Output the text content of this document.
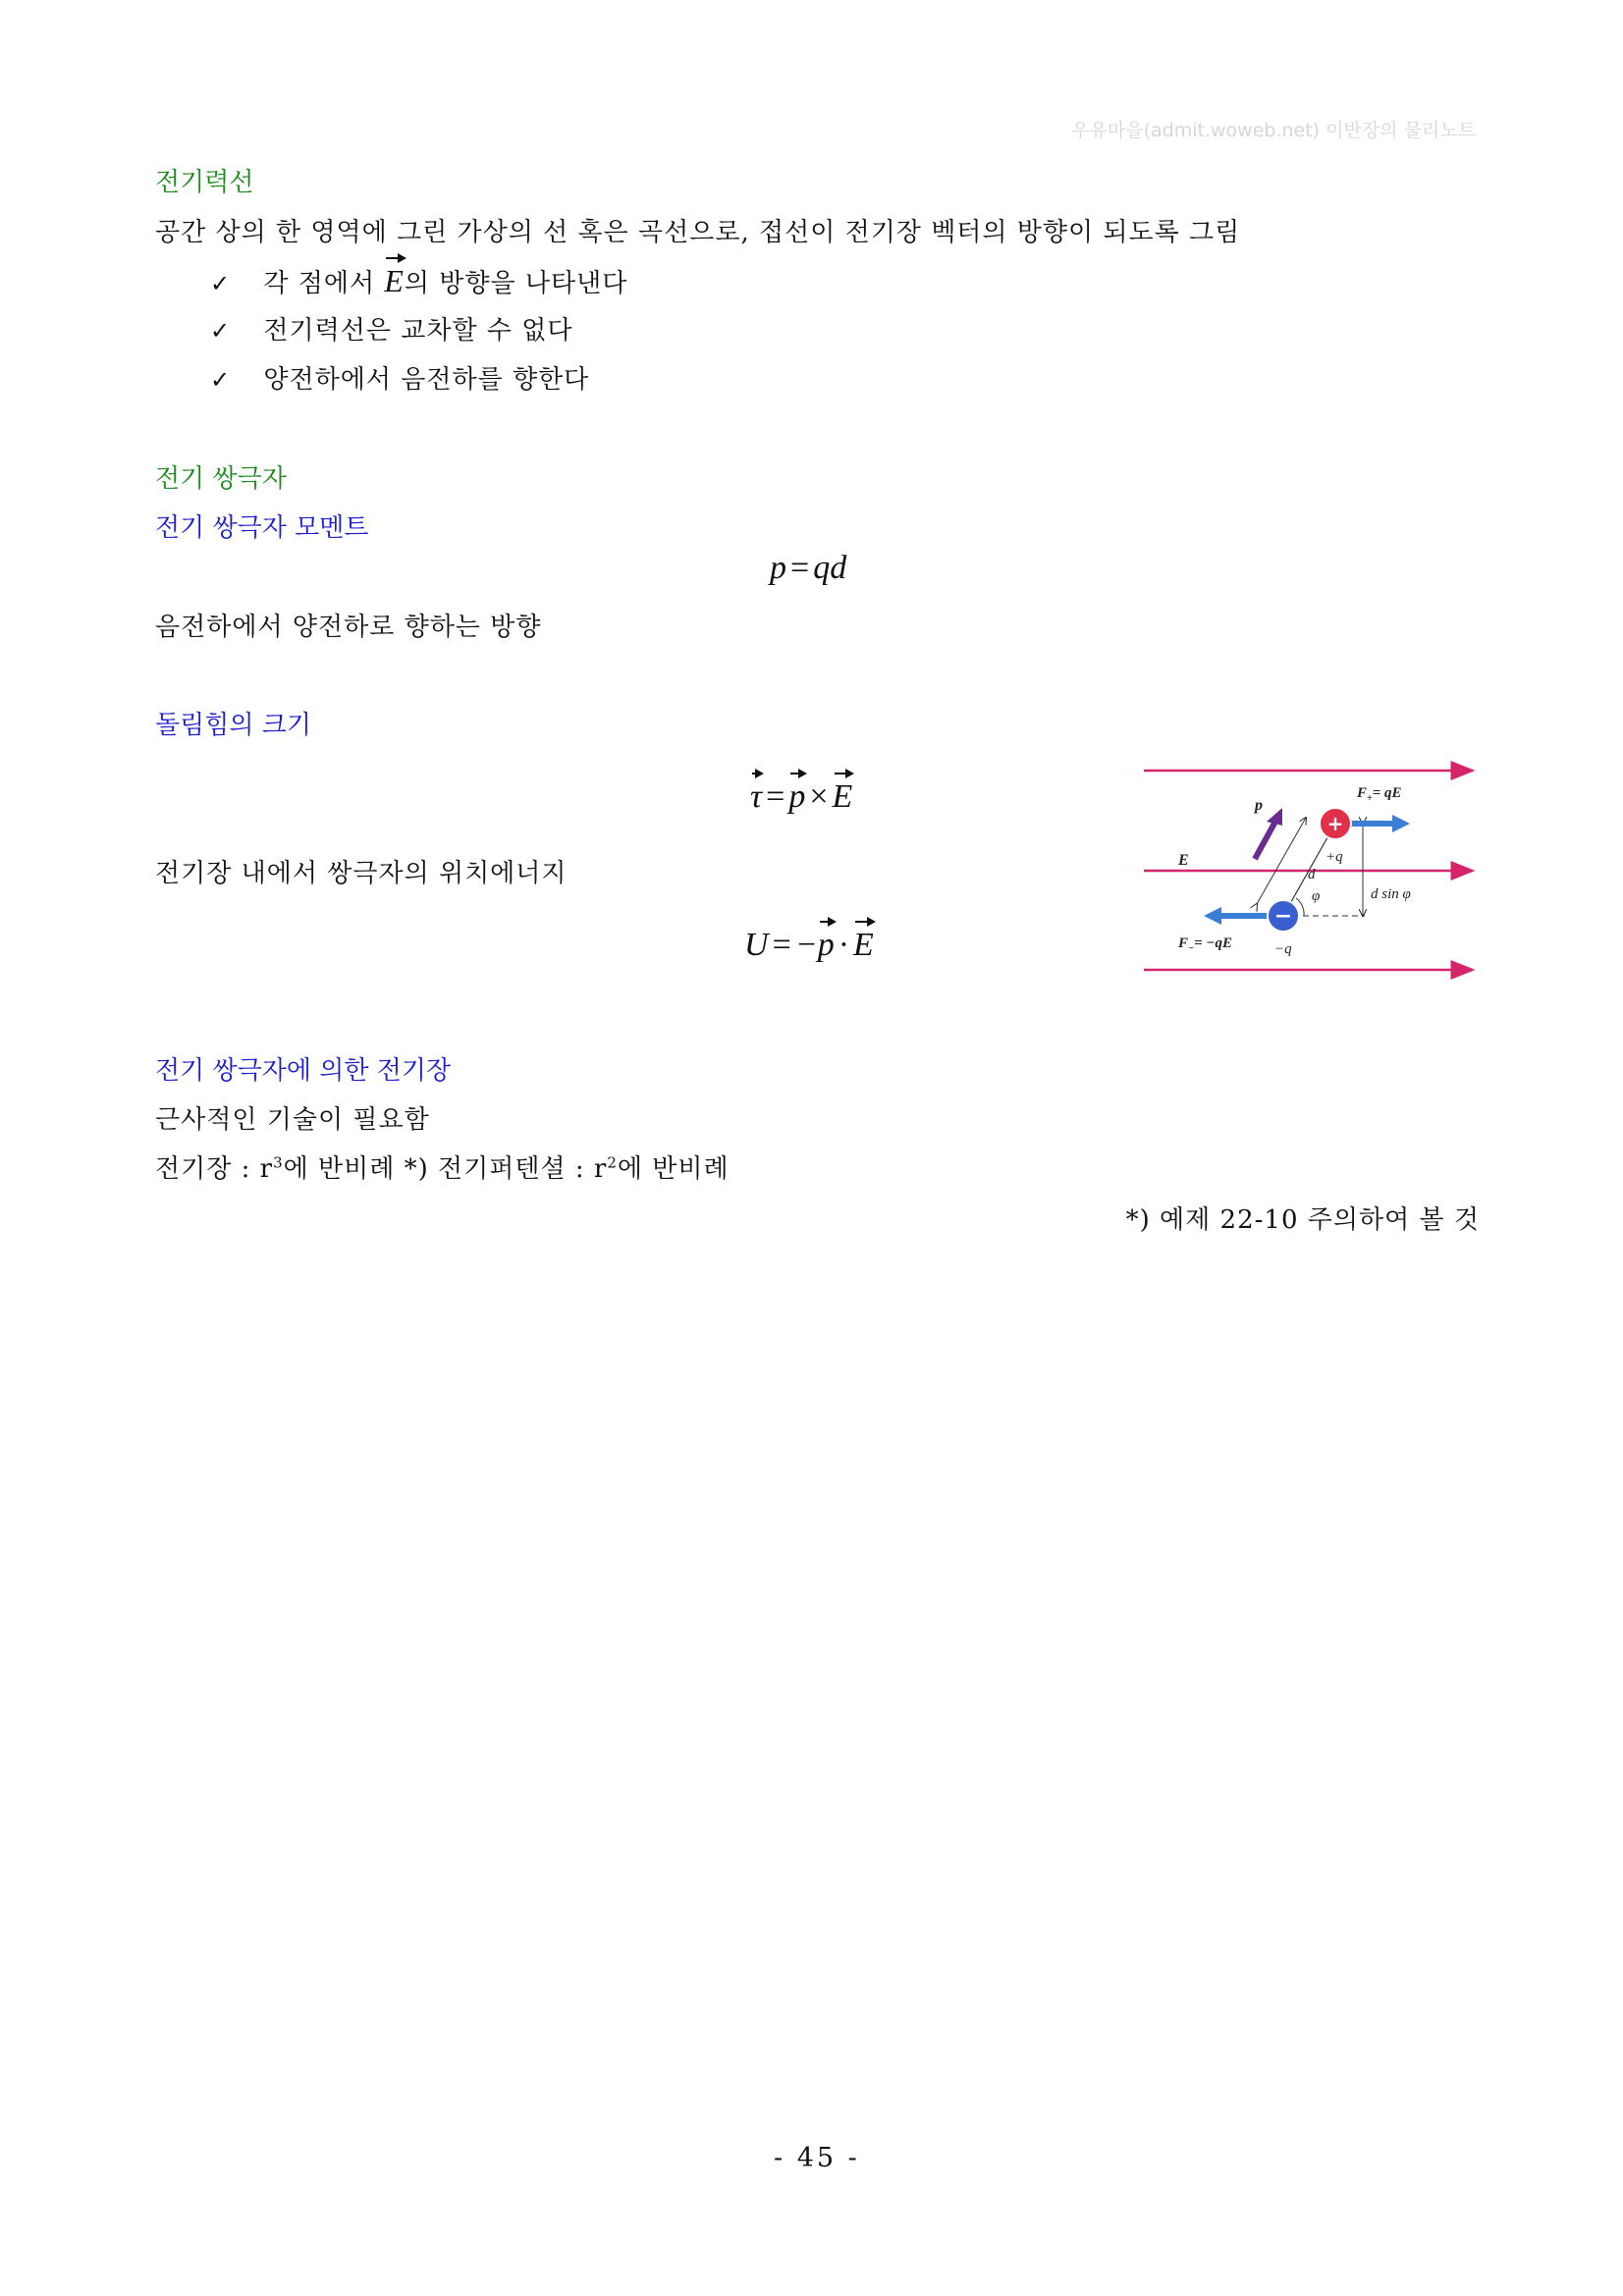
우유마을(admit.woweb.net) 이반장의 물리노트
전기력선
공간 상의 한 영역에 그린 가상의 선 혹은 곡선으로, 접선이 전기장 벡터의 방향이 되도록 그림
✓ 각 점에서 E의 방향을 나타낸다
✓ 전기력선은 교차할 수 없다
✓ 양전하에서 음전하를 향한다
전기 쌍극자
전기 쌍극자 모멘트
p = qd
음전하에서 양전하로 향하는 방향
돌림힘의 크기
τ = p × E
전기장 내에서 쌍극자의 위치에너지
U = −p · E
+
−
E
p
$F_+=$ qE
$F_-= -qE$
+q
−q
d
φ	d sin φ
전기 쌍극자에 의한 전기장
근사적인 기술이 필요함
전기장 : $r^3$에 반비례 *) 전기퍼텐셜 : $r^2$에 반비례
*) 예제 22-10 주의하여 볼 것
- 45 -
